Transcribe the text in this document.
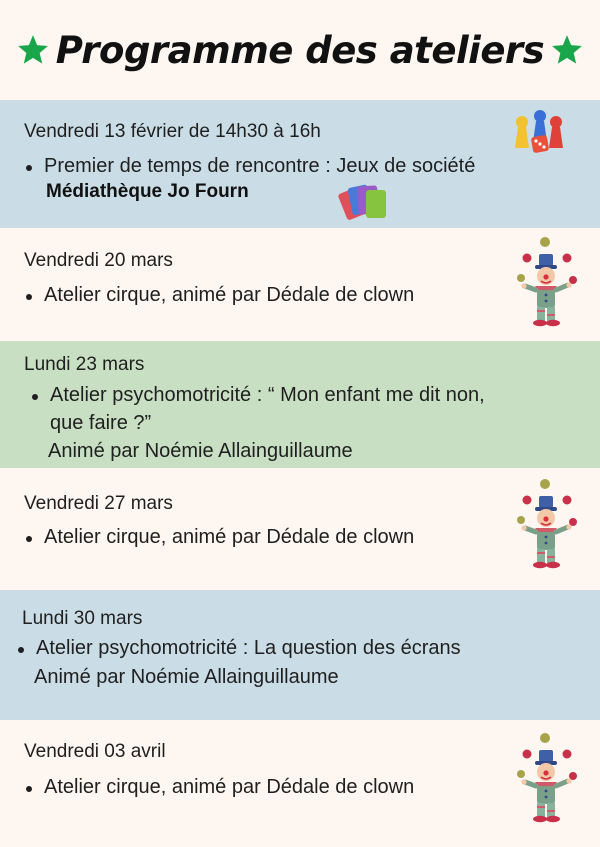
Programme des ateliers
Vendredi 13 février de 14h30 à 16h
Premier de temps de rencontre : Jeux de société
Médiathèque Jo Fourn
Vendredi 20 mars
Atelier cirque, animé par Dédale de clown
Lundi 23 mars
Atelier psychomotricité : “ Mon enfant me dit non,
que faire ?”
Animé par Noémie Allainguillaume
Vendredi 27 mars
Atelier cirque, animé par Dédale de clown
Lundi 30 mars
Atelier psychomotricité : La question des écrans
Animé par Noémie Allainguillaume
Vendredi 03 avril
Atelier cirque, animé par Dédale de clown
